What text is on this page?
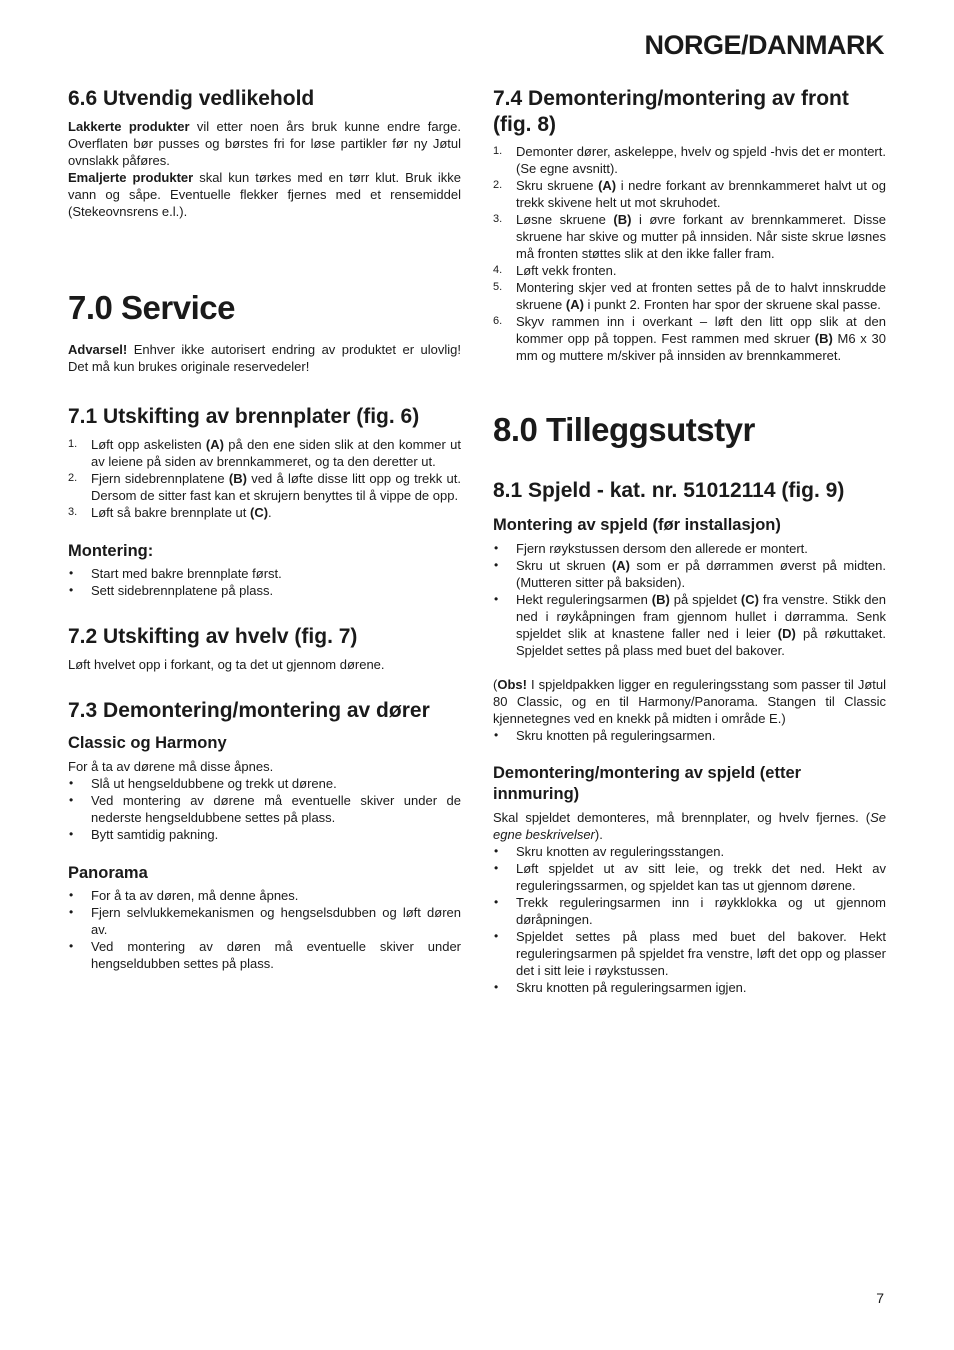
NORGE/DANMARK
6.6 Utvendig vedlikehold

Lakkerte produkter vil etter noen års bruk kunne endre farge. Overflaten bør pusses og børstes fri for løse partikler før ny Jøtul ovnslakk påføres.

Emaljerte produkter skal kun tørkes med en tørr klut. Bruk ikke vann og såpe. Eventuelle flekker fjernes med et rensemiddel (Stekeovnsrens e.l.).

7.0 Service

Advarsel! Enhver ikke autorisert endring av produktet er ulovlig! Det må kun brukes originale reservedeler!

7.1 Utskifting av brennplater (fig. 6)
1. Løft opp askelisten (A) på den ene siden slik at den kommer ut av leiene på siden av brennkammeret, og ta den deretter ut.
2. Fjern sidebrennplatene (B) ved å løfte disse litt opp og trekk ut. Dersom de sitter fast kan et skrujern benyttes til å vippe de opp.
3. Løft så bakre brennplate ut (C).
Montering:
• Start med bakre brennplate først.
• Sett sidebrennplatene på plass.
7.2 Utskifting av hvelv (fig. 7)

Løft hvelvet opp i forkant, og ta det ut gjennom dørene.

7.3 Demontering/montering av dører
Classic og Harmony

For å ta av dørene må disse åpnes.

• Slå ut hengseldubbene og trekk ut dørene.
• Ved montering av dørene må eventuelle skiver under de nederste hengseldubbene settes på plass.
• Bytt samtidig pakning.
Panorama
• For å ta av døren, må denne åpnes.
• Fjern selvlukkemekanismen og hengselsdubben og løft døren av.
• Ved montering av døren må eventuelle skiver under hengseldubben settes på plass.
7.4 Demontering/montering av front (fig. 8)
1. Demonter dører, askeleppe, hvelv og spjeld -hvis det er montert. (Se egne avsnitt).
2. Skru skruene (A) i nedre forkant av brennkammeret halvt ut og trekk skivene helt ut mot skruhodet.
3. Løsne skruene (B) i øvre forkant av brennkammeret. Disse skruene har skive og mutter på innsiden. Når siste skrue løsnes må fronten støttes slik at den ikke faller fram.
4. Løft vekk fronten.
5. Montering skjer ved at fronten settes på de to halvt innskrudde skruene (A) i punkt 2. Fronten har spor der skruene skal passe.
6. Skyv rammen inn i overkant – løft den litt opp slik at den kommer opp på toppen. Fest rammen med skruer (B) M6 x 30 mm og muttere m/skiver på innsiden av brennkammeret.
8.0 Tilleggsutstyr
8.1 Spjeld - kat. nr. 51012114 (fig. 9)
Montering av spjeld (før installasjon)
• Fjern røykstussen dersom den allerede er montert.
• Skru ut skruen (A) som er på dørrammen øverst på midten. (Mutteren sitter på baksiden).
• Hekt reguleringsarmen (B) på spjeldet (C) fra venstre. Stikk den ned i røykåpningen fram gjennom hullet i dørramma. Senk spjeldet slik at knastene faller ned i leier (D) på røkuttaket. Spjeldet settes på plass med buet del bakover.

(Obs! I spjeldpakken ligger en reguleringsstang som passer til Jøtul 80 Classic, og en til Harmony/Panorama. Stangen til Classic kjennetegnes ved en knekk på midten i område E.)

• Skru knotten på reguleringsarmen.
Demontering/montering av spjeld (etter innmuring)

Skal spjeldet demonteres, må brennplater, og hvelv fjernes. (Se egne beskrivelser).

• Skru knotten av reguleringsstangen.
• Løft spjeldet ut av sitt leie, og trekk det ned. Hekt av reguleringssarmen, og spjeldet kan tas ut gjennom dørene.
• Trekk reguleringsarmen inn i røykklokka og ut gjennom døråpningen.
• Spjeldet settes på plass med buet del bakover. Hekt reguleringsarmen på spjeldet fra venstre, løft det opp og plasser det i sitt leie i røykstussen.
• Skru knotten på reguleringsarmen igjen.
7
